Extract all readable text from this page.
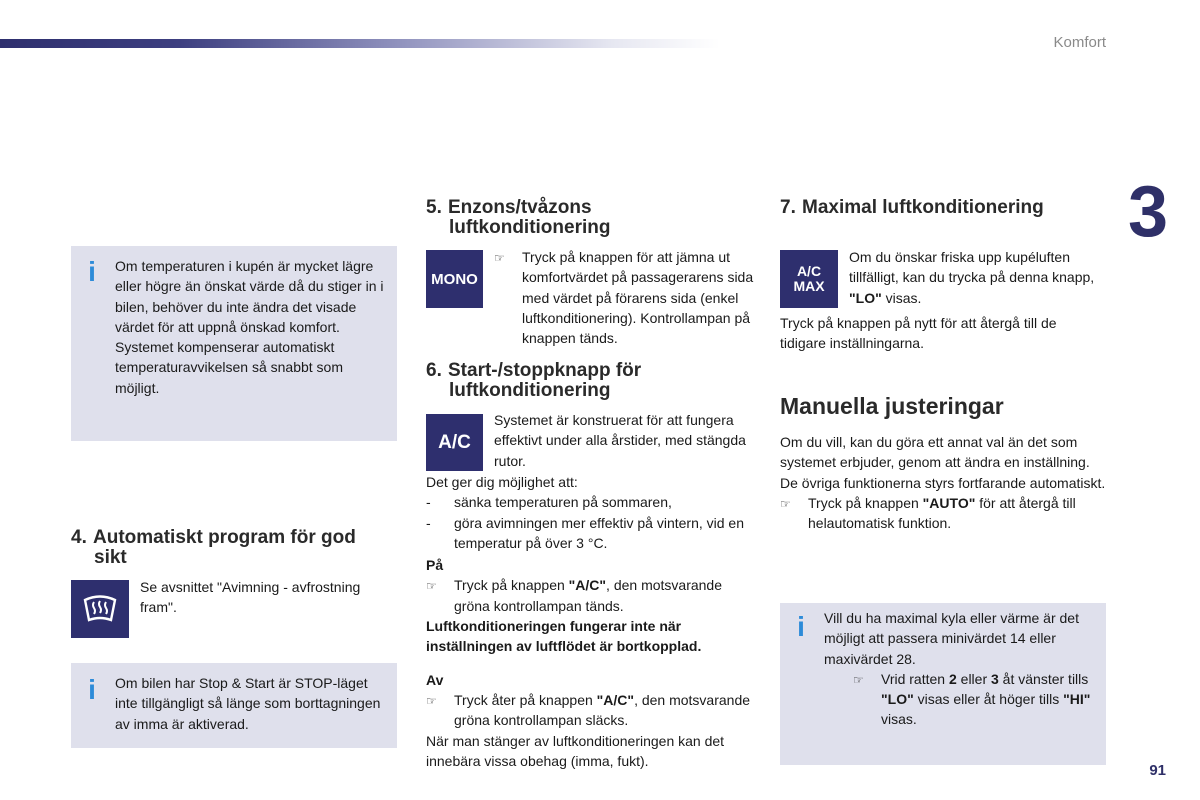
Komfort
3
91
i Om temperaturen i kupén är mycket lägre eller högre än önskat värde då du stiger in i bilen, behöver du inte ändra det visade värdet för att uppnå önskad komfort. Systemet kompenserar automatiskt temperaturavvikelsen så snabbt som möjligt.
4. Automatiskt program för god
sikt
Se avsnittet "Avimning - avfrostning fram".
i Om bilen har Stop & Start är STOP-läget inte tillgängligt så länge som borttagningen av imma är aktiverad.
5. Enzons/tvåzons
luftkonditionering
MONO
☞	Tryck på knappen för att jämna ut komfortvärdet på passagerarens sida med värdet på förarens sida (enkel luftkonditionering). Kontrollampan på knappen tänds.
6. Start-/stoppknapp för
luftkonditionering
A/C
Systemet är konstruerat för att fungera effektivt under alla årstider, med stängda rutor.

Det ger dig möjlighet att:

-	sänka temperaturen på sommaren,
-	göra avimningen mer effektiv på vintern, vid en temperatur på över 3 °C.

På

☞	Tryck på knappen "A/C", den motsvarande gröna kontrollampan tänds.

Luftkonditioneringen fungerar inte när inställningen av luftflödet är bortkopplad.

Av

☞	Tryck åter på knappen "A/C", den motsvarande gröna kontrollampan släcks.

När man stänger av luftkonditioneringen kan det innebära vissa obehag (imma, fukt).

7. Maximal luftkonditionering
A/C
MAX
Om du önskar friska upp kupéluften tillfälligt, kan du trycka på denna knapp, "LO" visas.
Tryck på knappen på nytt för att återgå till de tidigare inställningarna.
Manuella justeringar

Om du vill, kan du göra ett annat val än det som systemet erbjuder, genom att ändra en inställning. De övriga funktionerna styrs fortfarande automatiskt.

☞	Tryck på knappen "AUTO" för att återgå till helautomatisk funktion.
i Vill du ha maximal kyla eller värme är det möjligt att passera minivärdet 14 eller maxivärdet 28.
☞	Vrid ratten 2 eller 3 åt vänster tills "LO" visas eller åt höger tills "HI" visas.
